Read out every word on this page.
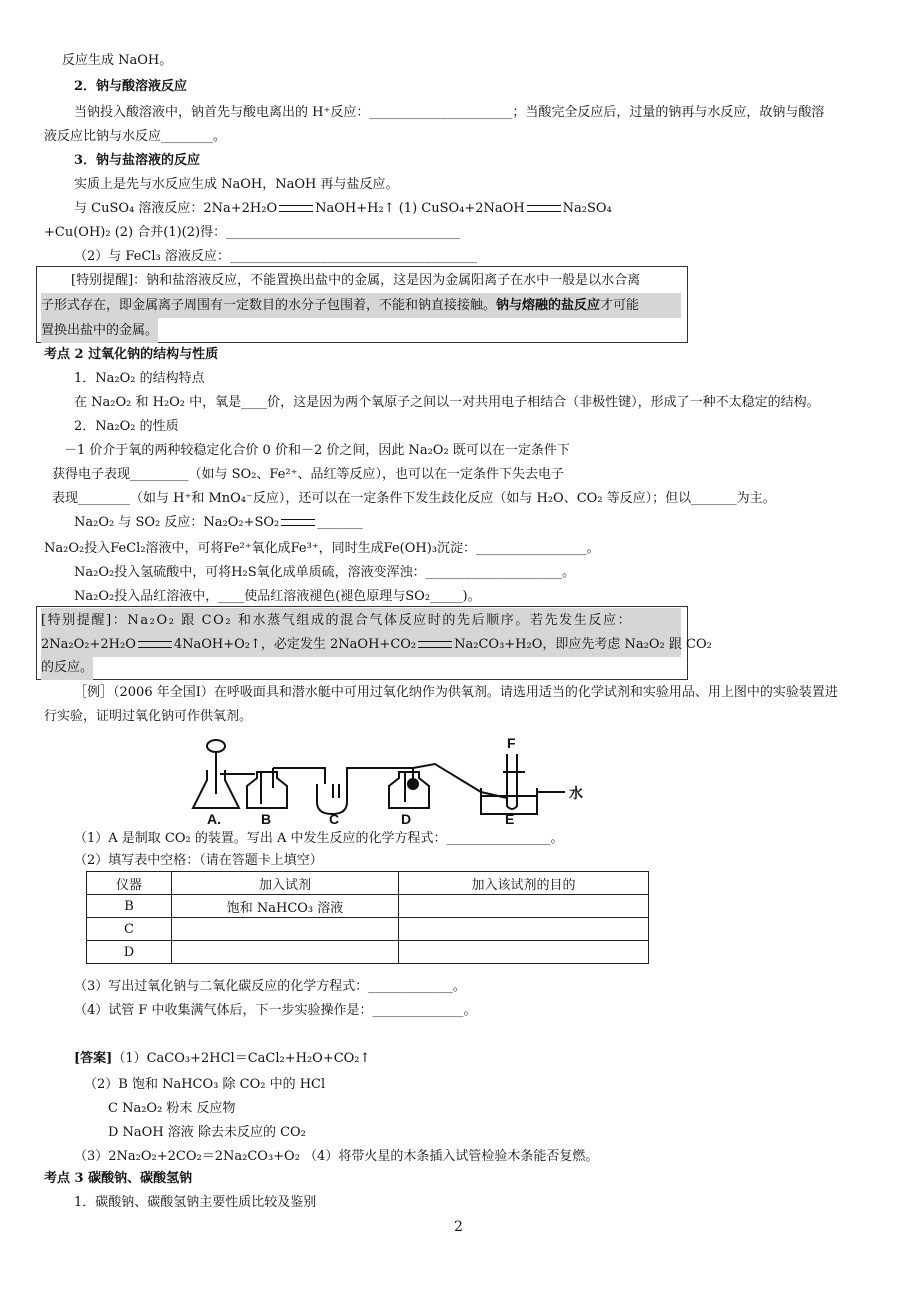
反应生成 NaOH。
2．钠与酸溶液反应
当钠投入酸溶液中，钠首先与酸电离出的 H⁺反应：______________________；当酸完全反应后，过量的钠再与水反应，故钠与酸溶
液反应比钠与水反应________。
3．钠与盐溶液的反应
实质上是先与水反应生成 NaOH，NaOH 再与盐反应。
与 CuSO₄ 溶液反应：2Na+2H₂O	NaOH+H₂↑ (1) CuSO₄+2NaOH	Na₂SO₄
+Cu(OH)₂ (2) 合并(1)(2)得：____________________________________
（2）与 FeCl₃ 溶液反应：______________________________________
[特别提醒]：钠和盐溶液反应，不能置换出盐中的金属，这是因为金属阳离子在水中一般是以水合离
子形式存在，即金属离子周围有一定数目的水分子包围着，不能和钠直接接触。钠与熔融的盐反应才可能
置换出盐中的金属。
考点 2 过氧化钠的结构与性质
1．Na₂O₂ 的结构特点
在 Na₂O₂ 和 H₂O₂ 中，氧是____价，这是因为两个氧原子之间以一对共用电子相结合（非极性键），形成了一种不太稳定的结构。
2．Na₂O₂ 的性质
－1 价介于氧的两种较稳定化合价 0 价和－2 价之间，因此 Na₂O₂ 既可以在一定条件下
获得电子表现_________（如与 SO₂、Fe²⁺、品红等反应），也可以在一定条件下失去电子
表现________（如与 H⁺和 MnO₄⁻反应），还可以在一定条件下发生歧化反应（如与 H₂O、CO₂ 等反应）；但以_______为主。
Na₂O₂ 与 SO₂ 反应：Na₂O₂+SO₂	_______
Na₂O₂投入FeCl₂溶液中，可将Fe²⁺氧化成Fe³⁺，同时生成Fe(OH)₃沉淀：_________________。
Na₂O₂投入氢硫酸中，可将H₂S氧化成单质硫，溶液变浑浊：_____________________。
Na₂O₂投入品红溶液中，____使品红溶液褪色(褪色原理与SO₂_____)。
[特别提醒]：Na₂O₂ 跟 CO₂ 和水蒸气组成的混合气体反应时的先后顺序。若先发生反应：
2Na₂O₂+2H₂O	4NaOH+O₂↑，必定发生 2NaOH+CO₂	Na₂CO₃+H₂O，即应先考虑 Na₂O₂ 跟 CO₂
的反应。
［例］（2006 年全国I）在呼吸面具和潜水艇中可用过氧化纳作为供氧剂。请选用适当的化学试剂和实验用品、用上图中的实验装置进
行实验，证明过氧化钠可作供氧剂。
A.	B	C	D	E
F
水
（1）A 是制取 CO₂ 的装置。写出 A 中发生反应的化学方程式：________________。
（2）填写表中空格：（请在答题卡上填空）
仪器	加入试剂	加入该试剂的目的
B	饱和 NaHCO₃ 溶液	
C		
D		
（3）写出过氧化钠与二氧化碳反应的化学方程式：_____________。
（4）试管 F 中收集满气体后，下一步实验操作是：______________。
[答案]（1）CaCO₃+2HCl＝CaCl₂+H₂O+CO₂↑
（2）B 饱和 NaHCO₃ 除 CO₂ 中的 HCl
C Na₂O₂ 粉末 反应物
D NaOH 溶液 除去未反应的 CO₂
（3）2Na₂O₂+2CO₂＝2Na₂CO₃+O₂ （4）将带火星的木条插入试管检验木条能否复燃。
考点 3 碳酸钠、碳酸氢钠
1．碳酸钠、碳酸氢钠主要性质比较及鉴别
2
